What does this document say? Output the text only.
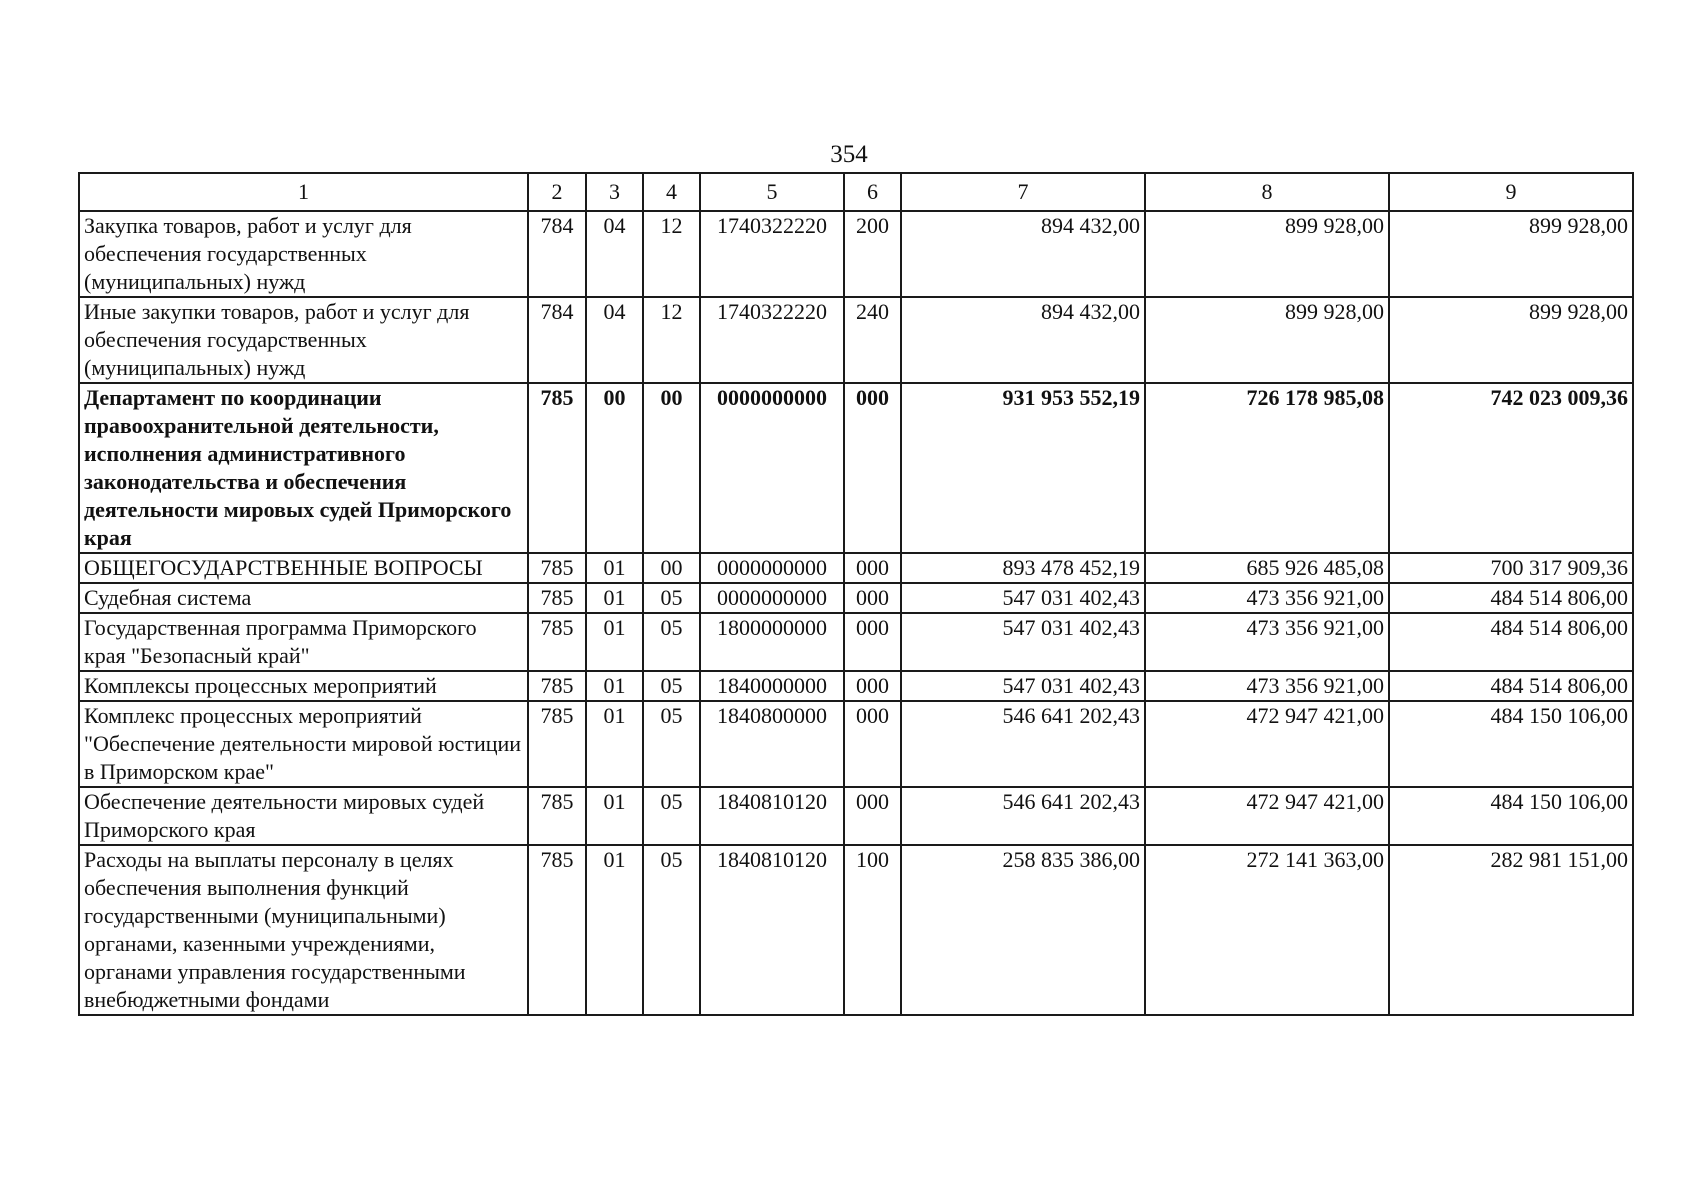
354
1	2	3	4	5	6	7	8	9
Закупка товаров, работ и услуг для обеспечения государственных (муниципальных) нужд	784	04	12	1740322220	200	894 432,00	899 928,00	899 928,00
Иные закупки товаров, работ и услуг для обеспечения государственных (муниципальных) нужд	784	04	12	1740322220	240	894 432,00	899 928,00	899 928,00
Департамент по координации правоохранительной деятельности, исполнения административного законодательства и обеспечения деятельности мировых судей Приморского края	785	00	00	0000000000	000	931 953 552,19	726 178 985,08	742 023 009,36
ОБЩЕГОСУДАРСТВЕННЫЕ ВОПРОСЫ	785	01	00	0000000000	000	893 478 452,19	685 926 485,08	700 317 909,36
Судебная система	785	01	05	0000000000	000	547 031 402,43	473 356 921,00	484 514 806,00
Государственная программа Приморского края "Безопасный край"	785	01	05	1800000000	000	547 031 402,43	473 356 921,00	484 514 806,00
Комплексы процессных мероприятий	785	01	05	1840000000	000	547 031 402,43	473 356 921,00	484 514 806,00
Комплекс процессных мероприятий "Обеспечение деятельности мировой юстиции в Приморском крае"	785	01	05	1840800000	000	546 641 202,43	472 947 421,00	484 150 106,00
Обеспечение деятельности мировых судей Приморского края	785	01	05	1840810120	000	546 641 202,43	472 947 421,00	484 150 106,00
Расходы на выплаты персоналу в целях обеспечения выполнения функций государственными (муниципальными) органами, казенными учреждениями, органами управления государственными внебюджетными фондами	785	01	05	1840810120	100	258 835 386,00	272 141 363,00	282 981 151,00
